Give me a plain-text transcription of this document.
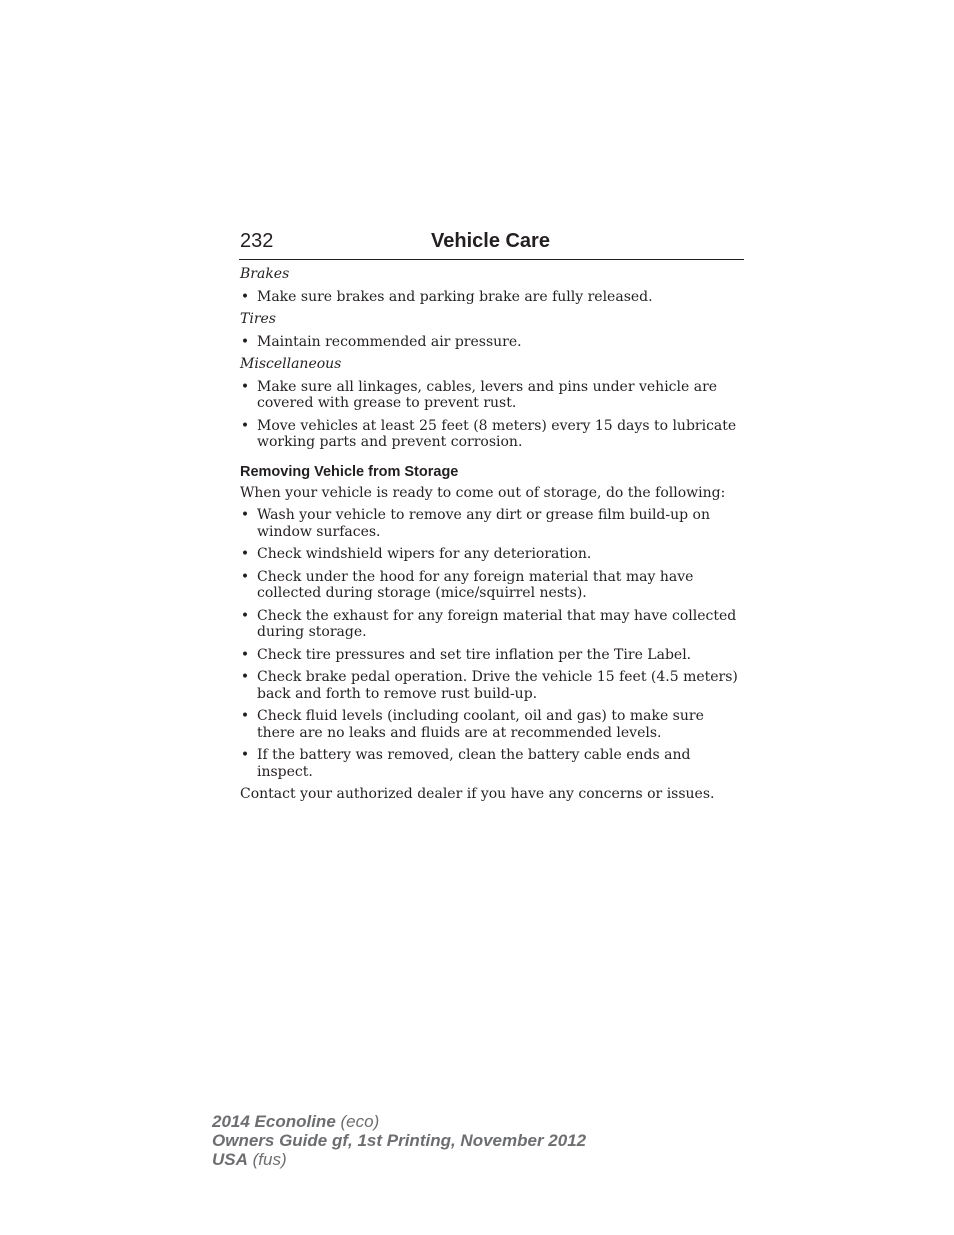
232	Vehicle Care
Brakes
• Make sure brakes and parking brake are fully released.
Tires
• Maintain recommended air pressure.
Miscellaneous
• Make sure all linkages, cables, levers and pins under vehicle are covered with grease to prevent rust.
• Move vehicles at least 25 feet (8 meters) every 15 days to lubricate working parts and prevent corrosion.
Removing Vehicle from Storage
When your vehicle is ready to come out of storage, do the following:
• Wash your vehicle to remove any dirt or grease film build-up on window surfaces.
• Check windshield wipers for any deterioration.
• Check under the hood for any foreign material that may have collected during storage (mice/squirrel nests).
• Check the exhaust for any foreign material that may have collected during storage.
• Check tire pressures and set tire inflation per the Tire Label.
• Check brake pedal operation. Drive the vehicle 15 feet (4.5 meters) back and forth to remove rust build-up.
• Check fluid levels (including coolant, oil and gas) to make sure there are no leaks and fluids are at recommended levels.
• If the battery was removed, clean the battery cable ends and inspect.
Contact your authorized dealer if you have any concerns or issues.
2014 Econoline (eco)
Owners Guide gf, 1st Printing, November 2012
USA (fus)
